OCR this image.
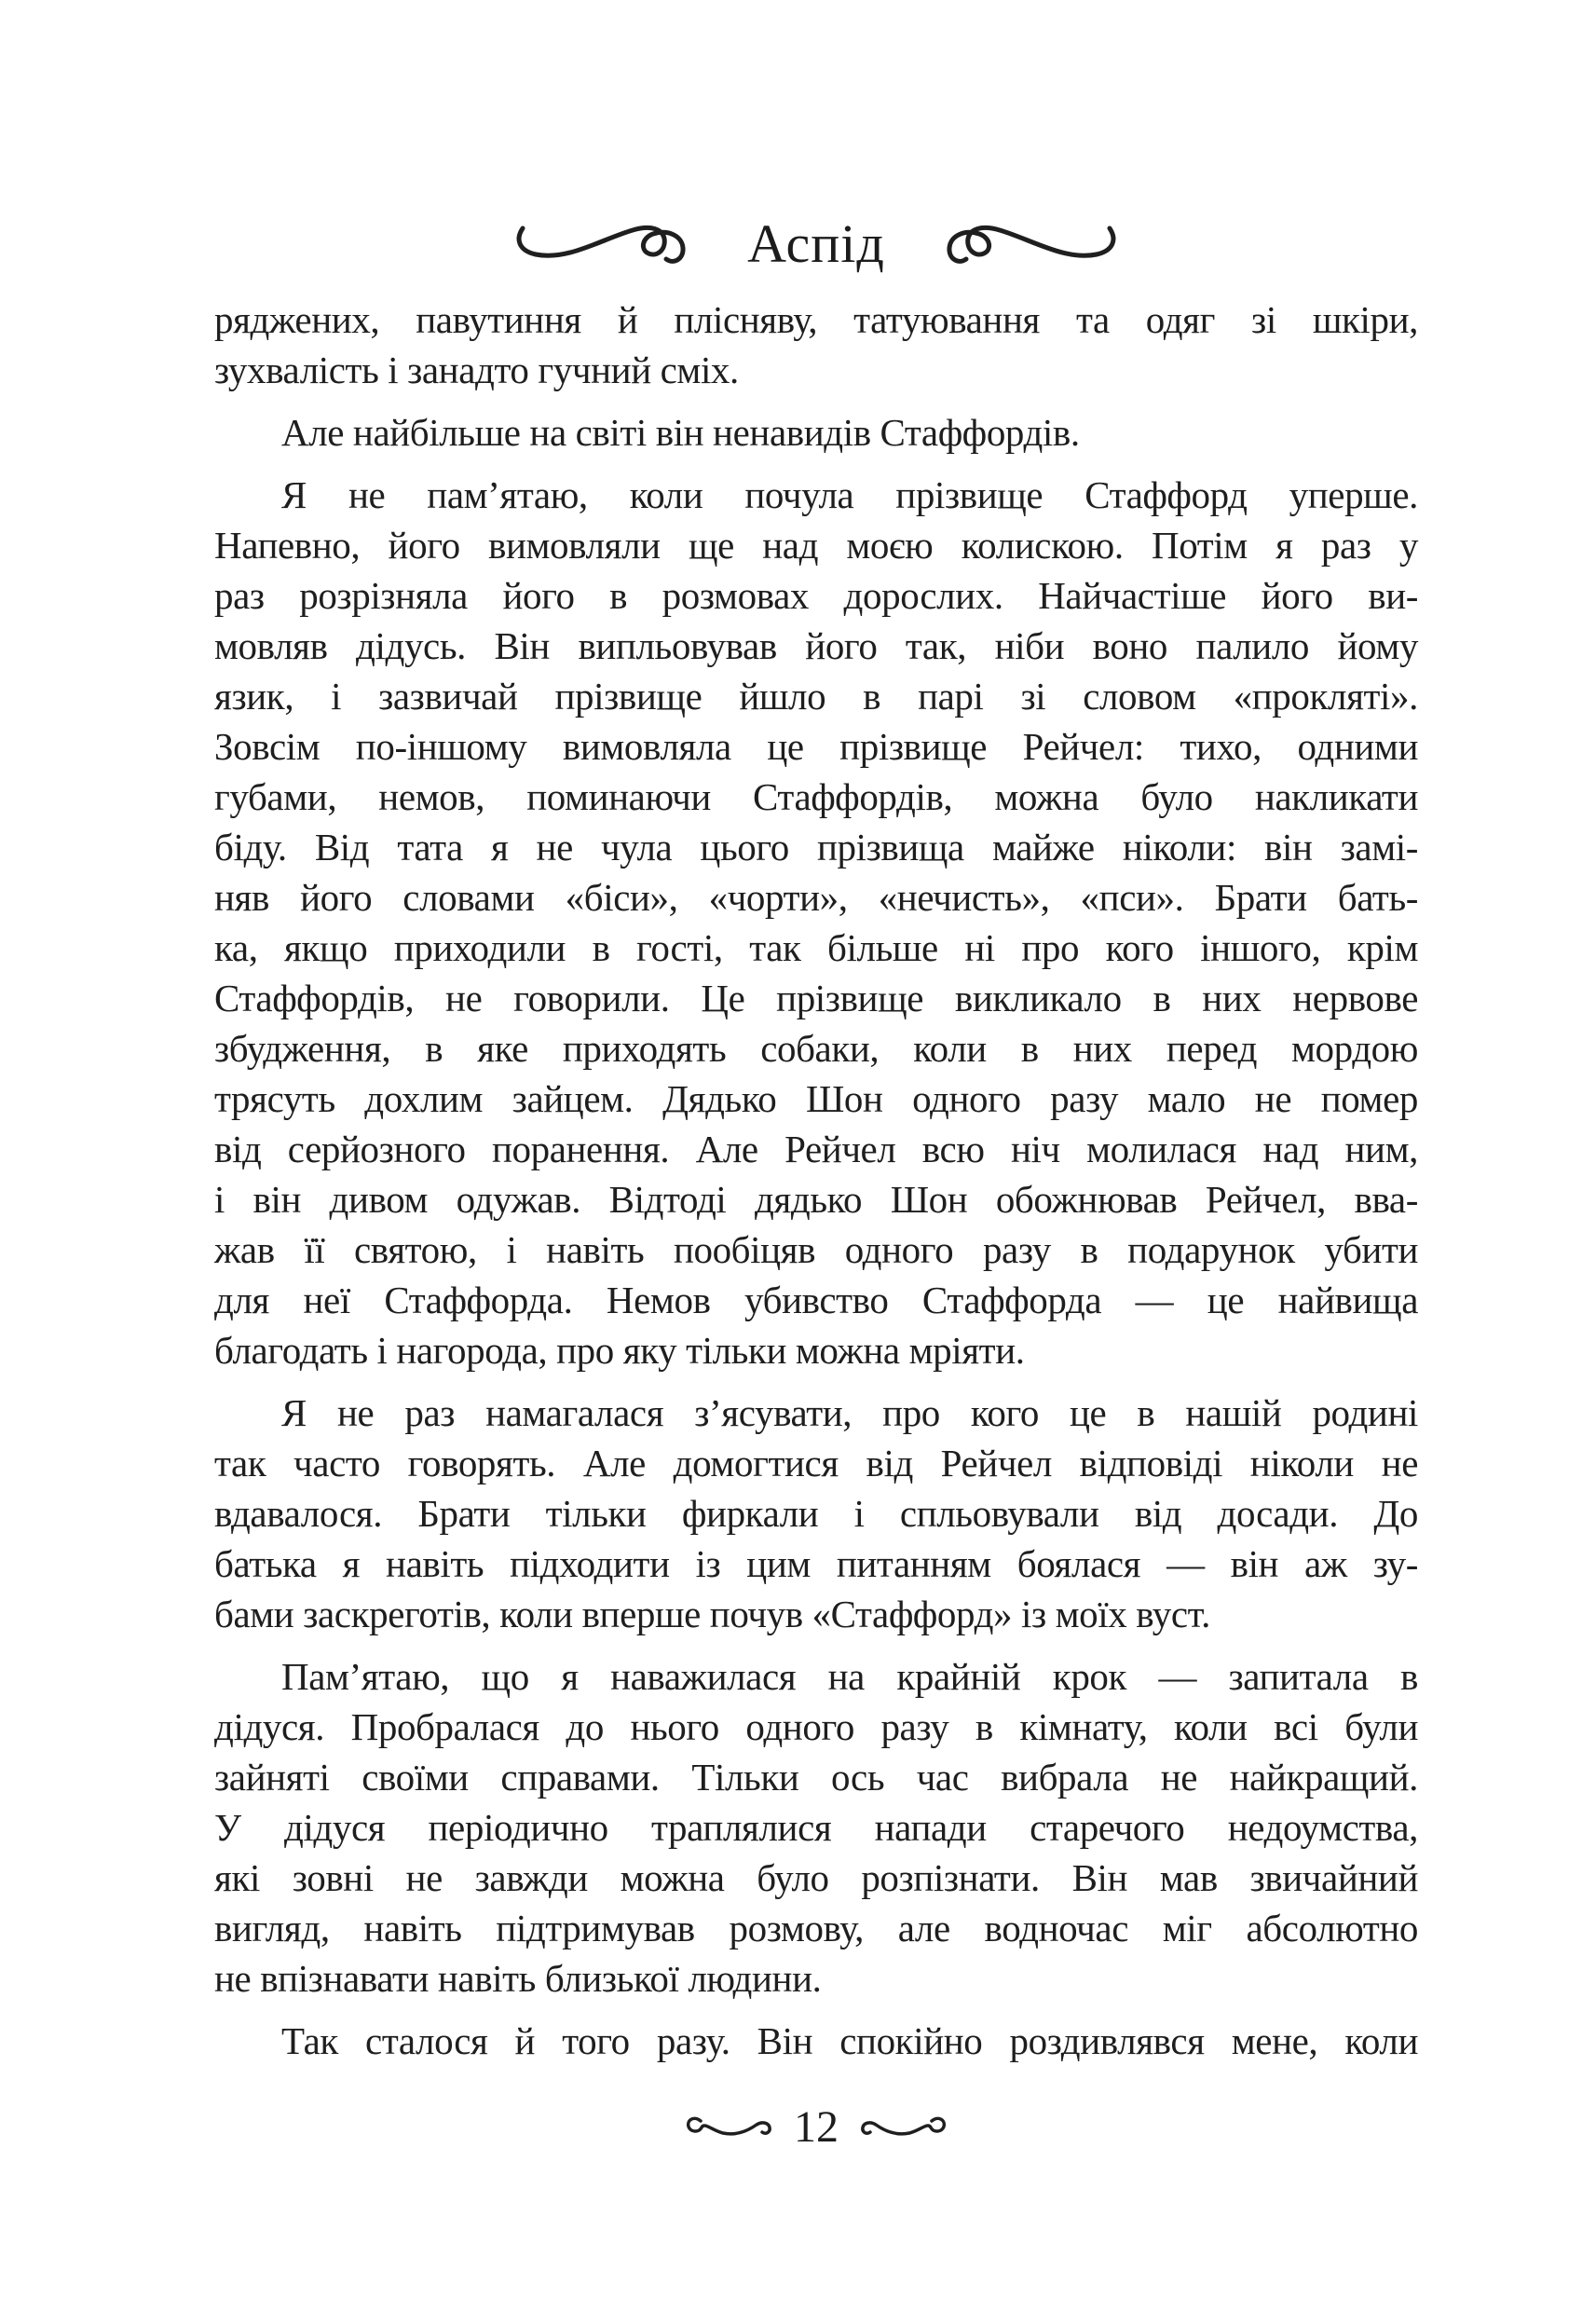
Аспід
ряджених, павутиння й плісняву, татуювання та одяг зі шкіри,
зухвалість і занадто гучний сміх.
Але найбільше на світі він ненавидів Стаффордів.
Я не пам’ятаю, коли почула прізвище Стаффорд уперше.
Напевно, його вимовляли ще над моєю колискою. Потім я раз у
раз розрізняла його в розмовах дорослих. Найчастіше його ви-
мовляв дідусь. Він випльовував його так, ніби воно палило йому
язик, і зазвичай прізвище йшло в парі зі словом «прокляті».
Зовсім по-іншому вимовляла це прізвище Рейчел: тихо, одними
губами, немов, поминаючи Стаффордів, можна було накликати
біду. Від тата я не чула цього прізвища майже ніколи: він замі-
няв його словами «біси», «чорти», «нечисть», «пси». Брати бать-
ка, якщо приходили в гості, так більше ні про кого іншого, крім
Стаффордів, не говорили. Це прізвище викликало в них нервове
збудження, в яке приходять собаки, коли в них перед мордою
трясуть дохлим зайцем. Дядько Шон одного разу мало не помер
від серйозного поранення. Але Рейчел всю ніч молилася над ним,
і він дивом одужав. Відтоді дядько Шон обожнював Рейчел, вва-
жав її святою, і навіть пообіцяв одного разу в подарунок убити
для неї Стаффорда. Немов убивство Стаффорда — це найвища
благодать і нагорода, про яку тільки можна мріяти.
Я не раз намагалася з’ясувати, про кого це в нашій родині
так часто говорять. Але домогтися від Рейчел відповіді ніколи не
вдавалося. Брати тільки фиркали і спльовували від досади. До
батька я навіть підходити із цим питанням боялася — він аж зу-
бами заскреготів, коли вперше почув «Стаффорд» із моїх вуст.
Пам’ятаю, що я наважилася на крайній крок — запитала в
дідуся. Пробралася до нього одного разу в кімнату, коли всі були
зайняті своїми справами. Тільки ось час вибрала не найкращий.
У дідуся періодично траплялися напади старечого недоумства,
які зовні не завжди можна було розпізнати. Він мав звичайний
вигляд, навіть підтримував розмову, але водночас міг абсолютно
не впізнавати навіть близької людини.
Так сталося й того разу. Він спокійно роздивлявся мене, коли
12
